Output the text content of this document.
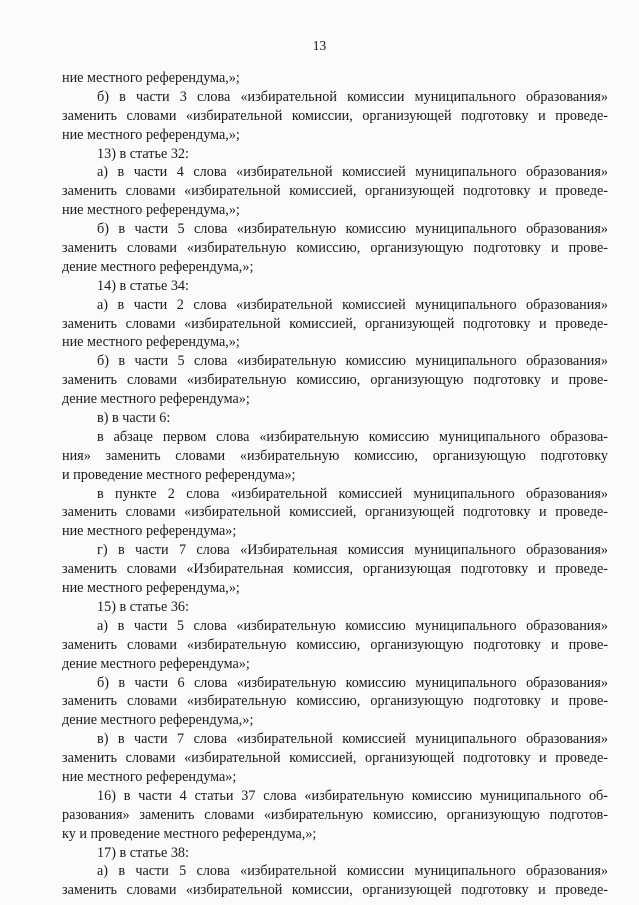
13
ние местного референдума,»;
б) в части 3 слова «избирательной комиссии муниципального образования»
заменить словами «избирательной комиссии, организующей подготовку и проведе-
ние местного референдума,»;
13) в статье 32:
а) в части 4 слова «избирательной комиссией муниципального образования»
заменить словами «избирательной комиссией, организующей подготовку и проведе-
ние местного референдума,»;
б) в части 5 слова «избирательную комиссию муниципального образования»
заменить словами «избирательную комиссию, организующую подготовку и прове-
дение местного референдума,»;
14) в статье 34:
а) в части 2 слова «избирательной комиссией муниципального образования»
заменить словами «избирательной комиссией, организующей подготовку и проведе-
ние местного референдума,»;
б) в части 5 слова «избирательную комиссию муниципального образования»
заменить словами «избирательную комиссию, организующую подготовку и прове-
дение местного референдума»;
в) в части 6:
в абзаце первом слова «избирательную комиссию муниципального образова-
ния» заменить словами «избирательную комиссию, организующую подготовку
и проведение местного референдума»;
в пункте 2 слова «избирательной комиссией муниципального образования»
заменить словами «избирательной комиссией, организующей подготовку и проведе-
ние местного референдума»;
г) в части 7 слова «Избирательная комиссия муниципального образования»
заменить словами «Избирательная комиссия, организующая подготовку и проведе-
ние местного референдума,»;
15) в статье 36:
а) в части 5 слова «избирательную комиссию муниципального образования»
заменить словами «избирательную комиссию, организующую подготовку и прове-
дение местного референдума»;
б) в части 6 слова «избирательную комиссию муниципального образования»
заменить словами «избирательную комиссию, организующую подготовку и прове-
дение местного референдума,»;
в) в части 7 слова «избирательной комиссией муниципального образования»
заменить словами «избирательной комиссией, организующей подготовку и проведе-
ние местного референдума»;
16) в части 4 статьи 37 слова «избирательную комиссию муниципального об-
разования» заменить словами «избирательную комиссию, организующую подготов-
ку и проведение местного референдума,»;
17) в статье 38:
а) в части 5 слова «избирательной комиссии муниципального образования»
заменить словами «избирательной комиссии, организующей подготовку и проведе-
